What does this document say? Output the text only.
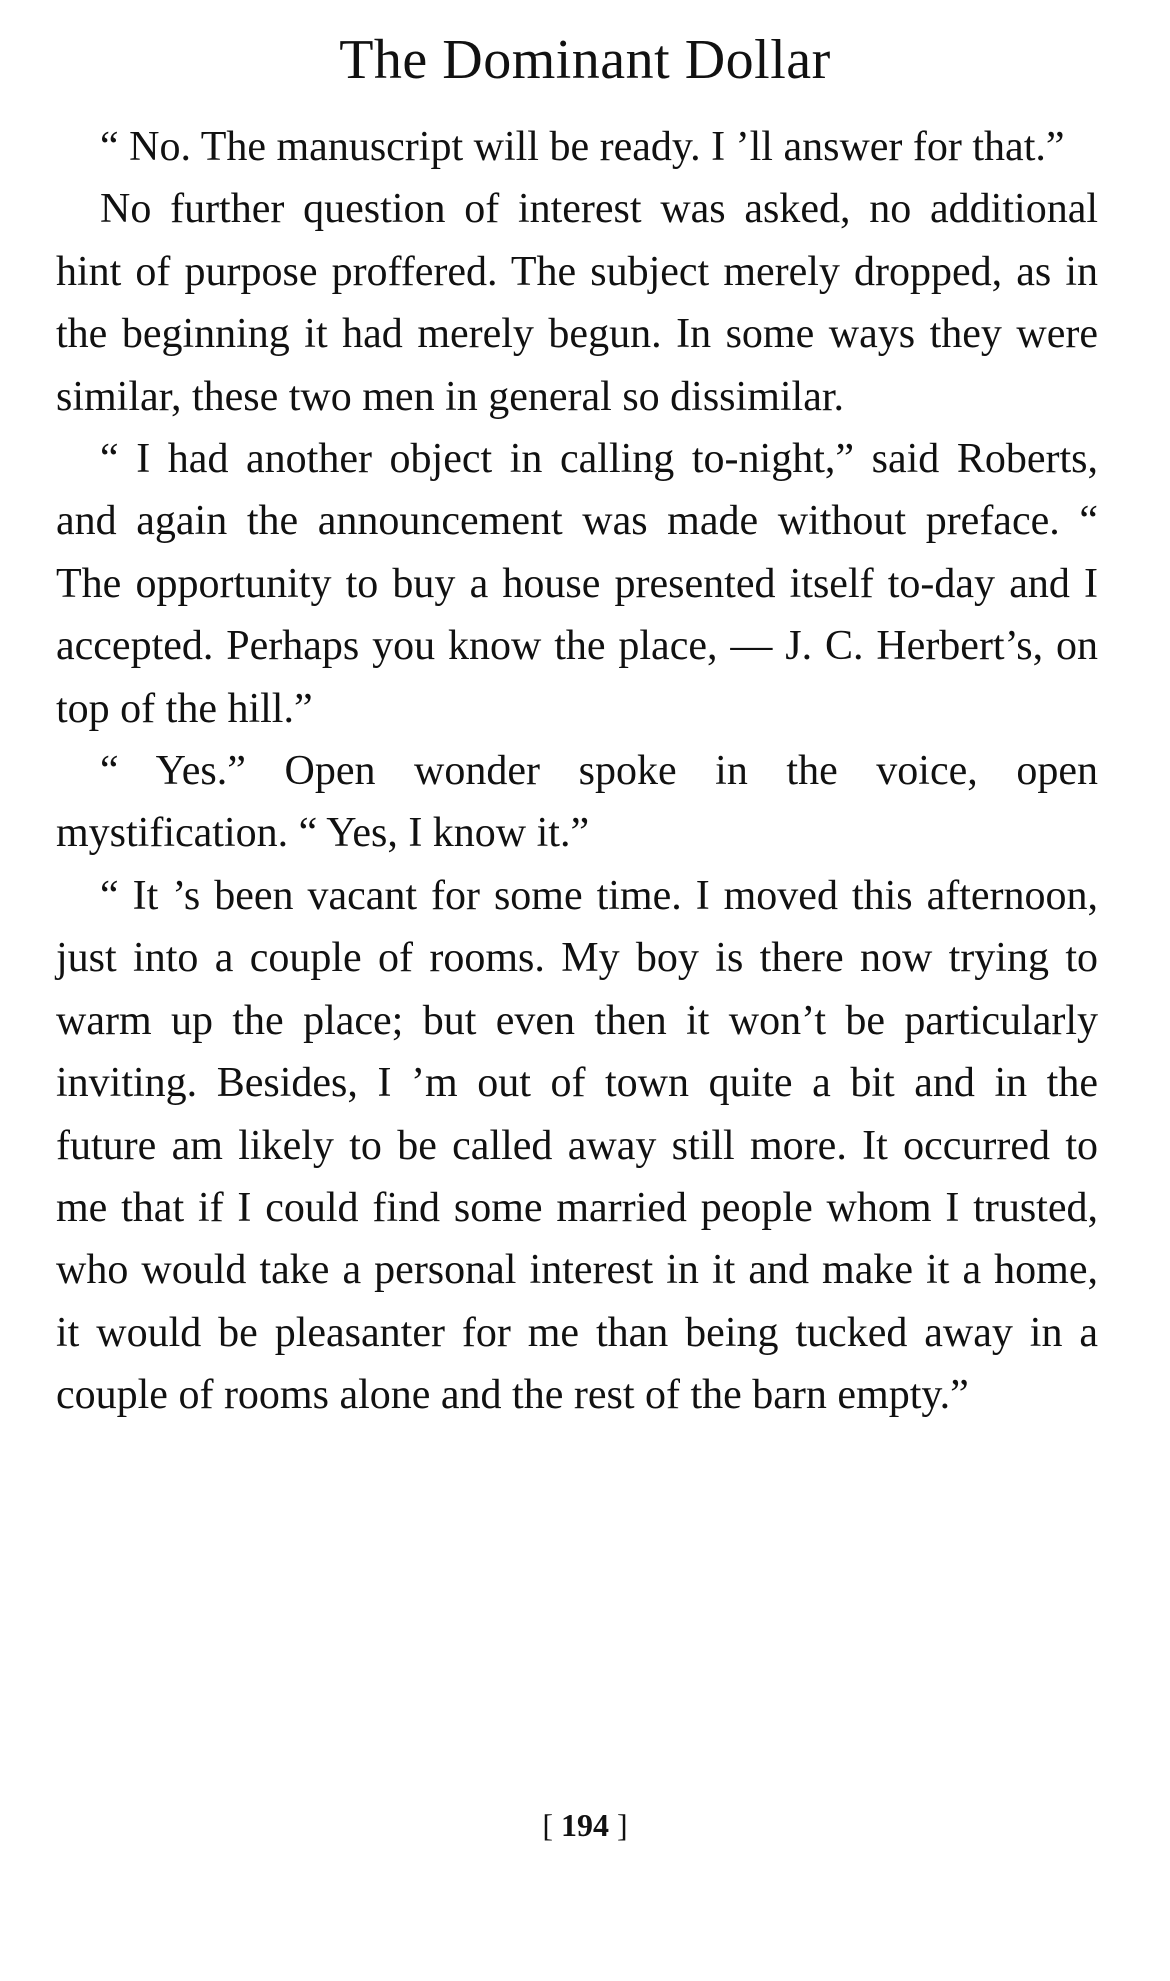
The Dominant Dollar

“ No. The manuscript will be ready. I ’ll answer for that.”

No further question of interest was asked, no additional hint of purpose proffered. The subject merely dropped, as in the beginning it had merely begun. In some ways they were similar, these two men in general so dissimilar.

“ I had another object in calling to-night,” said Roberts, and again the announcement was made without preface. “ The opportunity to buy a house presented itself to-day and I accepted. Perhaps you know the place, — J. C. Herbert’s, on top of the hill.”

“ Yes.” Open wonder spoke in the voice, open mystification. “ Yes, I know it.”

“ It ’s been vacant for some time. I moved this afternoon, just into a couple of rooms. My boy is there now trying to warm up the place; but even then it won’t be particularly inviting. Besides, I ’m out of town quite a bit and in the future am likely to be called away still more. It occurred to me that if I could find some married people whom I trusted, who would take a personal interest in it and make it a home, it would be pleasanter for me than being tucked away in a couple of rooms alone and the rest of the barn empty.”

[ 194 ]
